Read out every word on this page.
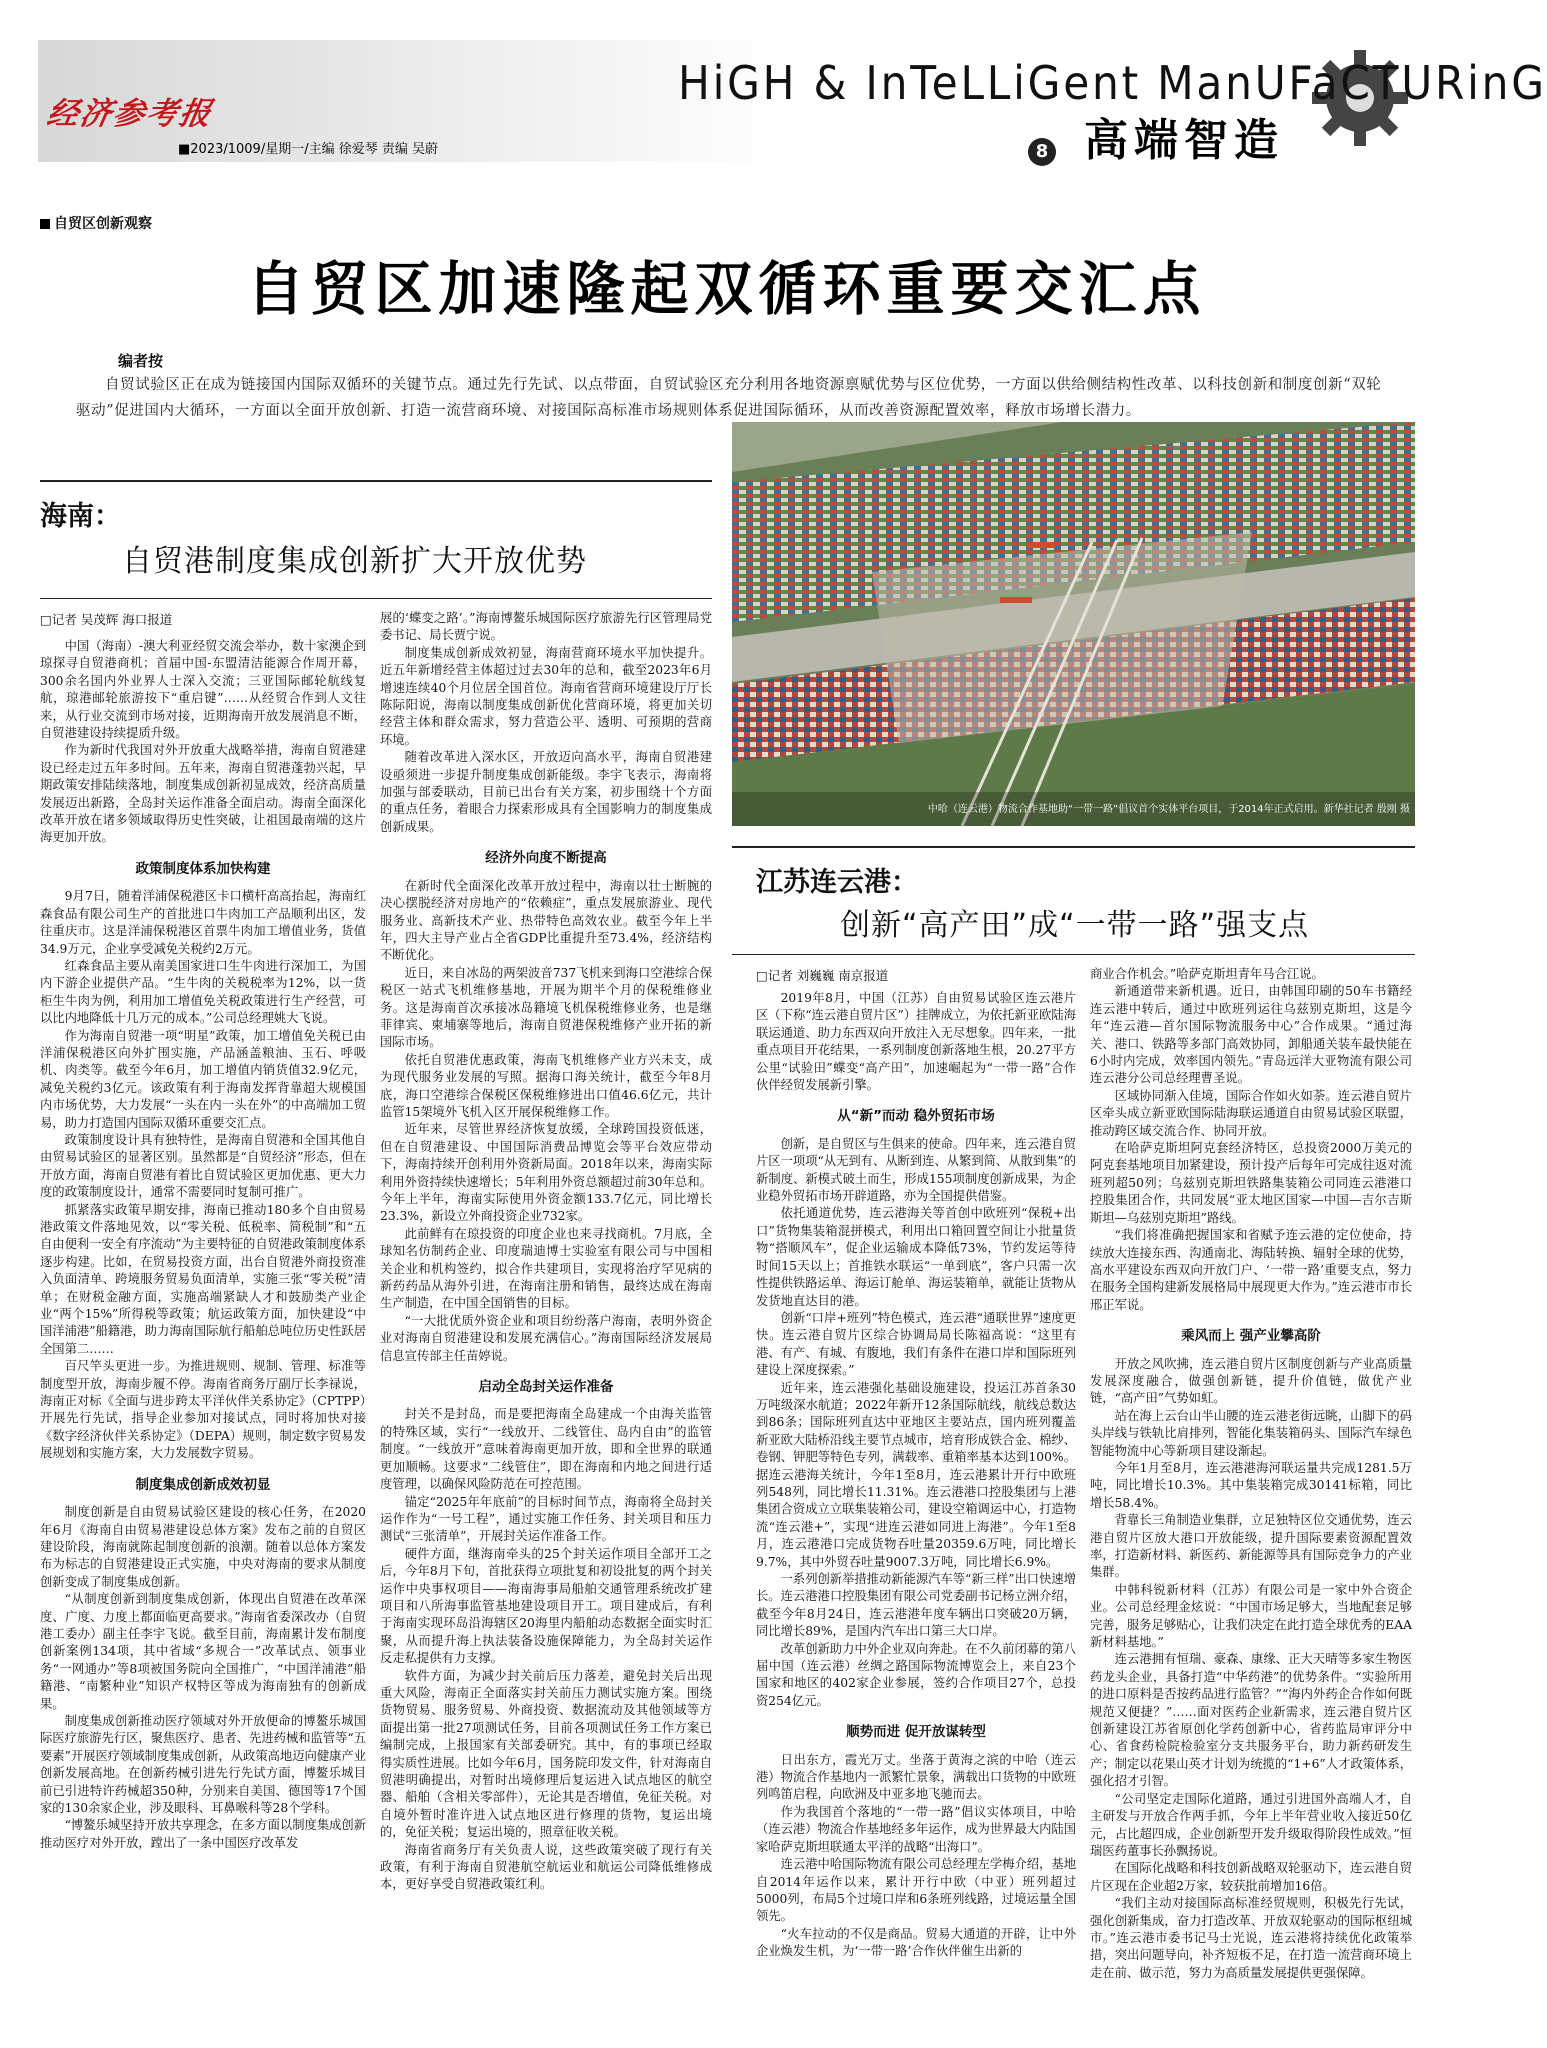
经济参考报
■2023/1009/星期一/主编 徐爱琴 责编 吴蔚
HiGH & InTeLLiGent ManUFaCTURinG
8 高端智造
自贸区创新观察
自贸区加速隆起双循环重要交汇点
编者按
自贸试验区正在成为链接国内国际双循环的关键节点。通过先行先试、以点带面，自贸试验区充分利用各地资源禀赋优势与区位优势，一方面以供给侧结构性改革、以科技创新和制度创新“双轮驱动”促进国内大循环，一方面以全面开放创新、打造一流营商环境、对接国际高标准市场规则体系促进国际循环，从而改善资源配置效率，释放市场增长潜力。
海南：
自贸港制度集成创新扩大开放优势
□记者 吴茂辉 海口报道

中国（海南）-澳大利亚经贸交流会举办，数十家澳企到琼探寻自贸港商机；首届中国-东盟清洁能源合作周开幕，300余名国内外业界人士深入交流；三亚国际邮轮航线复航，琼港邮轮旅游按下“重启键”……从经贸合作到人文往来，从行业交流到市场对接，近期海南开放发展消息不断，自贸港建设持续提质升级。

作为新时代我国对外开放重大战略举措，海南自贸港建设已经走过五年多时间。五年来，海南自贸港蓬勃兴起，早期政策安排陆续落地，制度集成创新初显成效，经济高质量发展迈出新路，全岛封关运作准备全面启动。海南全面深化改革开放在诸多领域取得历史性突破，让祖国最南端的这片海更加开放。

政策制度体系加快构建

9月7日，随着洋浦保税港区卡口横杆高高抬起，海南红森食品有限公司生产的首批进口牛肉加工产品顺利出区，发往重庆市。这是洋浦保税港区首票牛肉加工增值业务，货值34.9万元，企业享受减免关税约2万元。

红森食品主要从南美国家进口生牛肉进行深加工，为国内下游企业提供产品。“生牛肉的关税税率为12%，以一货柜生牛肉为例，利用加工增值免关税政策进行生产经营，可以比内地降低十几万元的成本。”公司总经理姚大飞说。

作为海南自贸港一项“明星”政策，加工增值免关税已由洋浦保税港区向外扩围实施，产品涵盖粮油、玉石、呼吸机、肉类等。截至今年6月，加工增值内销货值32.9亿元，减免关税约3亿元。该政策有利于海南发挥背靠超大规模国内市场优势，大力发展“一头在内一头在外”的中高端加工贸易，助力打造国内国际双循环重要交汇点。

政策制度设计具有独特性，是海南自贸港和全国其他自由贸易试验区的显著区别。虽然都是“自贸经济”形态，但在开放方面，海南自贸港有着比自贸试验区更加优惠、更大力度的政策制度设计，通常不需要同时复制可推广。

抓紧落实政策早期安排，海南已推动180多个自由贸易港政策文件落地见效，以“零关税、低税率、简税制”和“五自由便利一安全有序流动”为主要特征的自贸港政策制度体系逐步构建。比如，在贸易投资方面，出台自贸港外商投资准入负面清单、跨境服务贸易负面清单，实施三张“零关税”清单；在财税金融方面，实施高端紧缺人才和鼓励类产业企业“两个15%”所得税等政策；航运政策方面，加快建设“中国洋浦港”船籍港，助力海南国际航行船舶总吨位历史性跃居全国第二……

百尺竿头更进一步。为推进规则、规制、管理、标准等制度型开放，海南步履不停。海南省商务厅副厅长李禄说，海南正对标《全面与进步跨太平洋伙伴关系协定》（CPTPP）开展先行先试，指导企业参加对接试点，同时将加快对接《数字经济伙伴关系协定》（DEPA）规则，制定数字贸易发展规划和实施方案，大力发展数字贸易。

制度集成创新成效初显

制度创新是自由贸易试验区建设的核心任务，在2020年6月《海南自由贸易港建设总体方案》发布之前的自贸区建设阶段，海南就陈起制度创新的浪潮。随着以总体方案发布为标志的自贸港建设正式实施，中央对海南的要求从制度创新变成了制度集成创新。

“从制度创新到制度集成创新，体现出自贸港在改革深度、广度、力度上都面临更高要求。”海南省委深改办（自贸港工委办）副主任李宇飞说。截至目前，海南累计发布制度创新案例134项，其中省域“多规合一”改革试点、领事业务“一网通办”等8项被国务院向全国推广，“中国洋浦港”船籍港、“南繁种业”知识产权特区等成为海南独有的创新成果。

制度集成创新推动医疗领域对外开放便命的博鳌乐城国际医疗旅游先行区，聚焦医疗、患者、先进药械和监管等“五要素”开展医疗领域制度集成创新，从政策高地迈向健康产业创新发展高地。在创新药械引进先行先试方面，博鳌乐城目前已引进特许药械超350种，分别来自美国、德国等17个国家的130余家企业，涉及眼科、耳鼻喉科等28个学科。

“博鳌乐城坚持开放共享理念，在多方面以制度集成创新推动医疗对外开放，蹚出了一条中国医疗改革发

展的‘蝶变之路’。”海南博鳌乐城国际医疗旅游先行区管理局党委书记、局长贾宁说。

制度集成创新成效初显，海南营商环境水平加快提升。近五年新增经营主体超过过去30年的总和，截至2023年6月增速连续40个月位居全国首位。海南省营商环境建设厅厅长陈际阳说，海南以制度集成创新优化营商环境，将更加关切经营主体和群众需求，努力营造公平、透明、可预期的营商环境。

随着改革进入深水区，开放迈向高水平，海南自贸港建设亟须进一步提升制度集成创新能级。李宇飞表示，海南将加强与部委联动，目前已出台有关方案，初步围绕十个方面的重点任务，着眼合力探索形成具有全国影响力的制度集成创新成果。

经济外向度不断提高

在新时代全面深化改革开放过程中，海南以壮士断腕的决心摆脱经济对房地产的“依赖症”，重点发展旅游业、现代服务业、高新技术产业、热带特色高效农业。截至今年上半年，四大主导产业占全省GDP比重提升至73.4%，经济结构不断优化。

近日，来自冰岛的两架波音737飞机来到海口空港综合保税区一站式飞机维修基地，开展为期半个月的保税维修业务。这是海南首次承接冰岛籍境飞机保税维修业务，也是继菲律宾、柬埔寨等地后，海南自贸港保税维修产业开拓的新国际市场。

依托自贸港优惠政策，海南飞机维修产业方兴未支，成为现代服务业发展的写照。据海口海关统计，截至今年8月底，海口空港综合保税区保税维修进出口值46.6亿元，共计监管15架境外飞机入区开展保税维修工作。

近年来，尽管世界经济恢复放缓，全球跨国投资低迷，但在自贸港建设、中国国际消费品博览会等平台效应带动下，海南持续开创利用外资新局面。2018年以来，海南实际利用外资持续快速增长；5年利用外资总额超过前30年总和。今年上半年，海南实际使用外资金额133.7亿元，同比增长23.3%，新设立外商投资企业732家。

此前鲜有在琼投资的印度企业也来寻找商机。7月底，全球知名仿制药企业、印度瑞迪博士实验室有限公司与中国相关企业和机构签约，拟合作共建项目，实现将治疗罕见病的新药药品从海外引进，在海南注册和销售，最终达成在海南生产制造，在中国全国销售的目标。

“一大批优质外资企业和项目纷纷落户海南，表明外资企业对海南自贸港建设和发展充满信心。”海南国际经济发展局信息宣传部主任苗婷说。

启动全岛封关运作准备

封关不是封岛，而是要把海南全岛建成一个由海关监管的特殊区域，实行“一线放开、二线管住、岛内自由”的监管制度。“一线放开”意味着海南更加开放，即和全世界的联通更加顺畅。这要求“二线管住”，即在海南和内地之间进行适度管理，以确保风险防范在可控范围。

锚定“2025年年底前”的目标时间节点，海南将全岛封关运作作为“一号工程”，通过实施工作任务、封关项目和压力测试“三张清单”，开展封关运作准备工作。

硬件方面，继海南牵头的25个封关运作项目全部开工之后，今年8月下旬，首批获得立项批复和初设批复的两个封关运作中央事权项目——海南海事局船舶交通管理系统改扩建项目和八所海事监管基地建设项目开工。项目建成后，有利于海南实现环岛沿海辖区20海里内船舶动态数据全面实时汇聚，从而提升海上执法装备设施保障能力，为全岛封关运作反走私提供有力支撑。

软件方面，为减少封关前后压力落差，避免封关后出现重大风险，海南正全面落实封关前压力测试实施方案。围绕货物贸易、服务贸易、外商投资、数据流动及其他领域等方面提出第一批27项测试任务，目前各项测试任务工作方案已编制完成，上报国家有关部委研究。其中，有的事项已经取得实质性进展。比如今年6月，国务院印发文件，针对海南自贸港明确提出，对暂时出境修理后复运进入试点地区的航空器、船舶（含相关零部件），无论其是否增值，免征关税。对自境外暂时准许进入试点地区进行修理的货物，复运出境的，免征关税；复运出境的，照章征收关税。

海南省商务厅有关负责人说，这些政策突破了现行有关政策，有利于海南自贸港航空航运业和航运公司降低维修成本，更好享受自贸港政策红利。

中哈（连云港）物流合作基地助“一带一路”倡议首个实体平台项目，于2014年正式启用。新华社记者 殷刚 摄
江苏连云港：
创新“高产田”成“一带一路”强支点
□记者 刘巍巍 南京报道

2019年8月，中国（江苏）自由贸易试验区连云港片区（下称“连云港自贸片区”）挂牌成立，为依托新亚欧陆海联运通道、助力东西双向开放注入无尽想象。四年来，一批重点项目开花结果，一系列制度创新落地生根，20.27平方公里“试验田”蝶变“高产田”，加速崛起为“一带一路”合作伙伴经贸发展新引擎。

从“新”而动 稳外贸拓市场

创新，是自贸区与生俱来的使命。四年来，连云港自贸片区一项项“从无到有、从断到连、从繁到简、从散到集”的新制度、新模式破土而生，形成155项制度创新成果，为企业稳外贸拓市场开辟道路，亦为全国提供借鉴。

依托通道优势，连云港海关等首创中欧班列“保税+出口”货物集装箱混拼模式，利用出口箱回置空间让小批量货物“搭顺风车”，促企业运输成本降低73%，节约发运等待时间15天以上；首推铁水联运“一单到底”，客户只需一次性提供铁路运单、海运订舱单、海运装箱单，就能让货物从发货地直达目的港。

创新“口岸+班列”特色模式，连云港“通联世界”速度更快。连云港自贸片区综合协调局局长陈福高说：“这里有港、有产、有城、有腹地，我们有条件在港口岸和国际班列建设上深度探索。”

近年来，连云港强化基础设施建设，投运江苏首条30万吨级深水航道；2022年新开12条国际航线，航线总数达到86条；国际班列直达中亚地区主要站点，国内班列覆盖新亚欧大陆桥沿线主要节点城市，培育形成铁合金、棉纱、卷钢、钾肥等特色专列，满载率、重箱率基本达到100%。据连云港海关统计，今年1至8月，连云港累计开行中欧班列548列，同比增长11.31%。连云港港口控股集团与上港集团合资成立立联集装箱公司，建设空箱调运中心，打造物流“连云港+”，实现“进连云港如同进上海港”。今年1至8月，连云港港口完成货物吞吐量20359.6万吨，同比增长9.7%，其中外贸吞吐量9007.3万吨，同比增长6.9%。

一系列创新举措推动新能源汽车等“新三样”出口快速增长。连云港港口控股集团有限公司党委副书记杨立洲介绍，截至今年8月24日，连云港港年度车辆出口突破20万辆，同比增长89%，是国内汽车出口第三大口岸。

改革创新助力中外企业双向奔赴。在不久前闭幕的第八届中国（连云港）丝绸之路国际物流博览会上，来自23个国家和地区的402家企业参展，签约合作项目27个，总投资254亿元。

顺势而进 促开放谋转型

日出东方，霞光万丈。坐落于黄海之滨的中哈（连云港）物流合作基地内一派繁忙景象，满载出口货物的中欧班列鸣笛启程，向欧洲及中亚多地飞驰而去。

作为我国首个落地的“一带一路”倡议实体项目，中哈（连云港）物流合作基地经多年运作，成为世界最大内陆国家哈萨克斯坦联通太平洋的战略“出海口”。

连云港中哈国际物流有限公司总经理左学梅介绍，基地自2014年运作以来，累计开行中欧（中亚）班列超过5000列，布局5个过境口岸和6条班列线路，过境运量全国领先。

“火车拉动的不仅是商品。贸易大通道的开辟，让中外企业焕发生机，为‘一带一路’合作伙伴催生出新的

商业合作机会。”哈萨克斯坦青年马合江说。

新通道带来新机遇。近日，由韩国印刷的50车书籍经连云港中转后，通过中欧班列运往乌兹别克斯坦，这是今年“连云港—首尔国际物流服务中心”合作成果。“通过海关、港口、铁路等多部门高效协同，卸船通关装车最快能在6小时内完成，效率国内领先。”青岛远洋大亚物流有限公司连云港分公司总经理曹圣说。

区域协同渐入佳境，国际合作如火如荼。连云港自贸片区牵头成立新亚欧国际陆海联运通道自由贸易试验区联盟，推动跨区域交流合作、协同开放。

在哈萨克斯坦阿克套经济特区，总投资2000万美元的阿克套基地项目加紧建设，预计投产后每年可完成往返对流班列超50列；乌兹别克斯坦铁路集装箱公司同连云港港口控股集团合作，共同发展“亚太地区国家—中国—吉尔吉斯斯坦—乌兹别克斯坦”路线。

“我们将准确把握国家和省赋予连云港的定位使命，持续放大连接东西、沟通南北、海陆转换、辐射全球的优势，高水平建设东西双向开放门户、‘一带一路’重要支点，努力在服务全国构建新发展格局中展现更大作为。”连云港市市长邢正军说。

乘风而上 强产业攀高阶

开放之风吹拂，连云港自贸片区制度创新与产业高质量发展深度融合，做强创新链，提升价值链，做优产业链，“高产田”气势如虹。

站在海上云台山半山腰的连云港老街远眺，山脚下的码头岸线与铁轨比肩排列，智能化集装箱码头、国际汽车绿色智能物流中心等新项目建设渐起。

今年1月至8月，连云港港海河联运量共完成1281.5万吨，同比增长10.3%。其中集装箱完成30141标箱，同比增长58.4%。

背靠长三角制造业集群，立足独特区位交通优势，连云港自贸片区放大港口开放能级，提升国际要素资源配置效率，打造新材料、新医药、新能源等具有国际竞争力的产业集群。

中韩科锐新材料（江苏）有限公司是一家中外合资企业。公司总经理金炫说：“中国市场足够大，当地配套足够完善，服务足够贴心，让我们决定在此打造全球优秀的EAA新材料基地。”

连云港拥有恒瑞、豪森、康缘、正大天晴等多家生物医药龙头企业，具备打造“中华药港”的优势条件。“实验所用的进口原料是否按药品进行监管？”“海内外药企合作如何既规范又便捷？”……面对医药企业新需求，连云港自贸片区创新建设江苏省原创化学药创新中心，省药监局审评分中心、省食药检院检验室分支共服务平台，助力新药研发生产；制定以花果山英才计划为统揽的“1+6”人才政策体系，强化招才引智。

“公司坚定走国际化道路，通过引进国外高端人才，自主研发与开放合作两手抓，今年上半年营业收入接近50亿元，占比超四成，企业创新型开发升级取得阶段性成效。”恒瑞医药董事长孙飘扬说。

在国际化战略和科技创新战略双轮驱动下，连云港自贸片区现在企业超2万家，较获批前增加16倍。

“我们主动对接国际高标准经贸规则，积极先行先试，强化创新集成，奋力打造改革、开放双轮驱动的国际枢纽城市。”连云港市委书记马士光说，连云港将持续优化政策举措，突出问题导向，补齐短板不足，在打造一流营商环境上走在前、做示范，努力为高质量发展提供更强保障。
